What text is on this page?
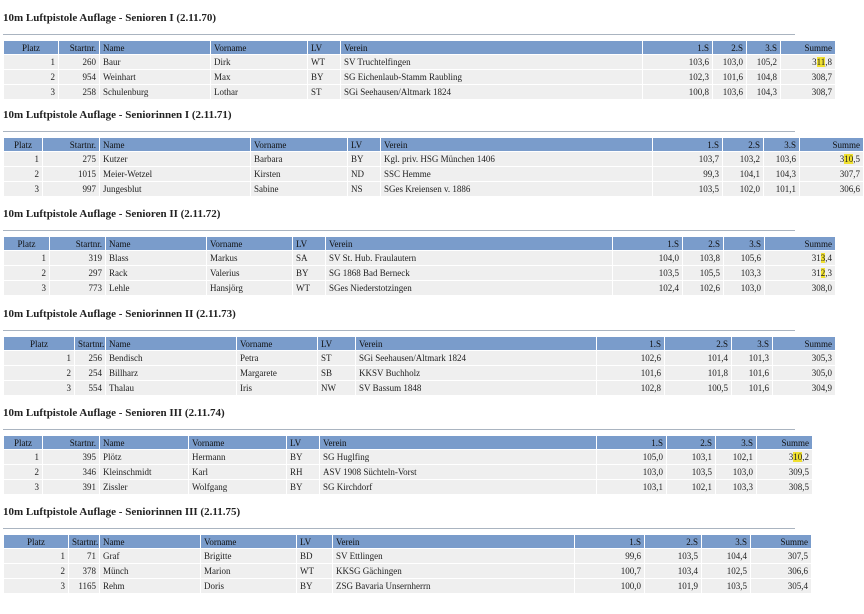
10m Luftpistole Auflage - Senioren I (2.11.70)
Platz	Startnr.	Name	Vorname	LV	Verein	1.S	2.S	3.S	Summe
1	260	Baur	Dirk	WT	SV Truchtelfingen	103,6	103,0	105,2	311,8
2	954	Weinhart	Max	BY	SG Eichenlaub-Stamm Raubling	102,3	101,6	104,8	308,7
3	258	Schulenburg	Lothar	ST	SGi Seehausen/Altmark 1824	100,8	103,6	104,3	308,7
10m Luftpistole Auflage - Seniorinnen I (2.11.71)
Platz	Startnr.	Name	Vorname	LV	Verein	1.S	2.S	3.S	Summe
1	275	Kutzer	Barbara	BY	Kgl. priv. HSG München 1406	103,7	103,2	103,6	310,5
2	1015	Meier-Wetzel	Kirsten	ND	SSC Hemme	99,3	104,1	104,3	307,7
3	997	Jungesblut	Sabine	NS	SGes Kreiensen v. 1886	103,5	102,0	101,1	306,6
10m Luftpistole Auflage - Senioren II (2.11.72)
Platz	Startnr.	Name	Vorname	LV	Verein	1.S	2.S	3.S	Summe
1	319	Blass	Markus	SA	SV St. Hub. Fraulautern	104,0	103,8	105,6	313,4
2	297	Rack	Valerius	BY	SG 1868 Bad Berneck	103,5	105,5	103,3	312,3
3	773	Lehle	Hansjörg	WT	SGes Niederstotzingen	102,4	102,6	103,0	308,0
10m Luftpistole Auflage - Seniorinnen II (2.11.73)
Platz	Startnr.	Name	Vorname	LV	Verein	1.S	2.S	3.S	Summe
1	256	Bendisch	Petra	ST	SGi Seehausen/Altmark 1824	102,6	101,4	101,3	305,3
2	254	Billharz	Margarete	SB	KKSV Buchholz	101,6	101,8	101,6	305,0
3	554	Thalau	Iris	NW	SV Bassum 1848	102,8	100,5	101,6	304,9
10m Luftpistole Auflage - Senioren III (2.11.74)
Platz	Startnr.	Name	Vorname	LV	Verein	1.S	2.S	3.S	Summe
1	395	Plötz	Hermann	BY	SG Huglfing	105,0	103,1	102,1	310,2
2	346	Kleinschmidt	Karl	RH	ASV 1908 Süchteln-Vorst	103,0	103,5	103,0	309,5
3	391	Zissler	Wolfgang	BY	SG Kirchdorf	103,1	102,1	103,3	308,5
10m Luftpistole Auflage - Seniorinnen III (2.11.75)
Platz	Startnr.	Name	Vorname	LV	Verein	1.S	2.S	3.S	Summe
1	71	Graf	Brigitte	BD	SV Ettlingen	99,6	103,5	104,4	307,5
2	378	Münch	Marion	WT	KKSG Gächingen	100,7	103,4	102,5	306,6
3	1165	Rehm	Doris	BY	ZSG Bavaria Unsernherrn	100,0	101,9	103,5	305,4
